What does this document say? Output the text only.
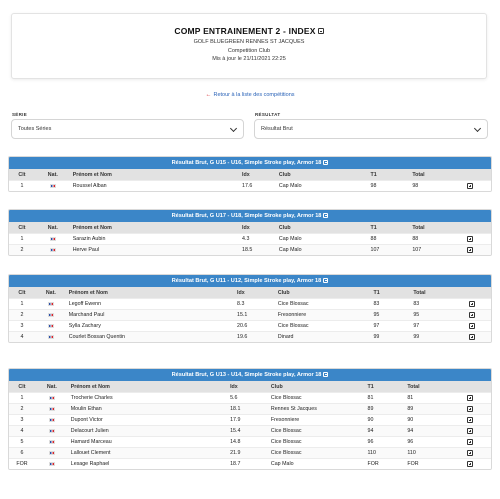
COMP ENTRAINEMENT 2 - INDEX
GOLF BLUEGREEN RENNES ST JACQUES
Competition Club
Mis à jour le 21/11/2021 22:25
← Retour à la liste des compétitions
SÉRIE
Toutes Séries
RÉSULTAT
Résultat Brut
Résultat Brut, G U15 - U16, Simple Stroke play, Armor 18
Clt	Nat.	Prénom et Nom	Idx	Club	T1	Total
1	Roussel Alban	17.6	Cap Malo	98	98
Résultat Brut, G U17 - U18, Simple Stroke play, Armor 18
Clt	Nat.	Prénom et Nom	Idx	Club	T1	Total
1	Sarazin Aubin	4.3	Cap Malo	88	88
2	Herve Paul	18.5	Cap Malo	107	107
Résultat Brut, G U11 - U12, Simple Stroke play, Armor 18
Clt	Nat.	Prénom et Nom	Idx	Club	T1	Total
1	Legoff Ewenn	8.3	Cice Blossac	83	83
2	Marchand Paul	15.1	Fresonniere	95	95
3	Sylla Zachary	20.6	Cice Blossac	97	97
4	Courlet Bossan Quentin	19.6	Dinard	99	99
Résultat Brut, G U13 - U14, Simple Stroke play, Armor 18
Clt	Nat.	Prénom et Nom	Idx	Club	T1	Total
1	Trocherie Charles	5.6	Cice Blossac	81	81
2	Moulin Ethan	18.1	Rennes St Jacques	89	89
3	Dupont Victor	17.9	Fresonniere	90	90
4	Delacourt Julien	15.4	Cice Blossac	94	94
5	Hamard Marceau	14.8	Cice Blossac	96	96
6	Lallouet Clement	21.9	Cice Blossac	110	110
FOR	Lesage Raphael	18.7	Cap Malo	FOR	FOR
